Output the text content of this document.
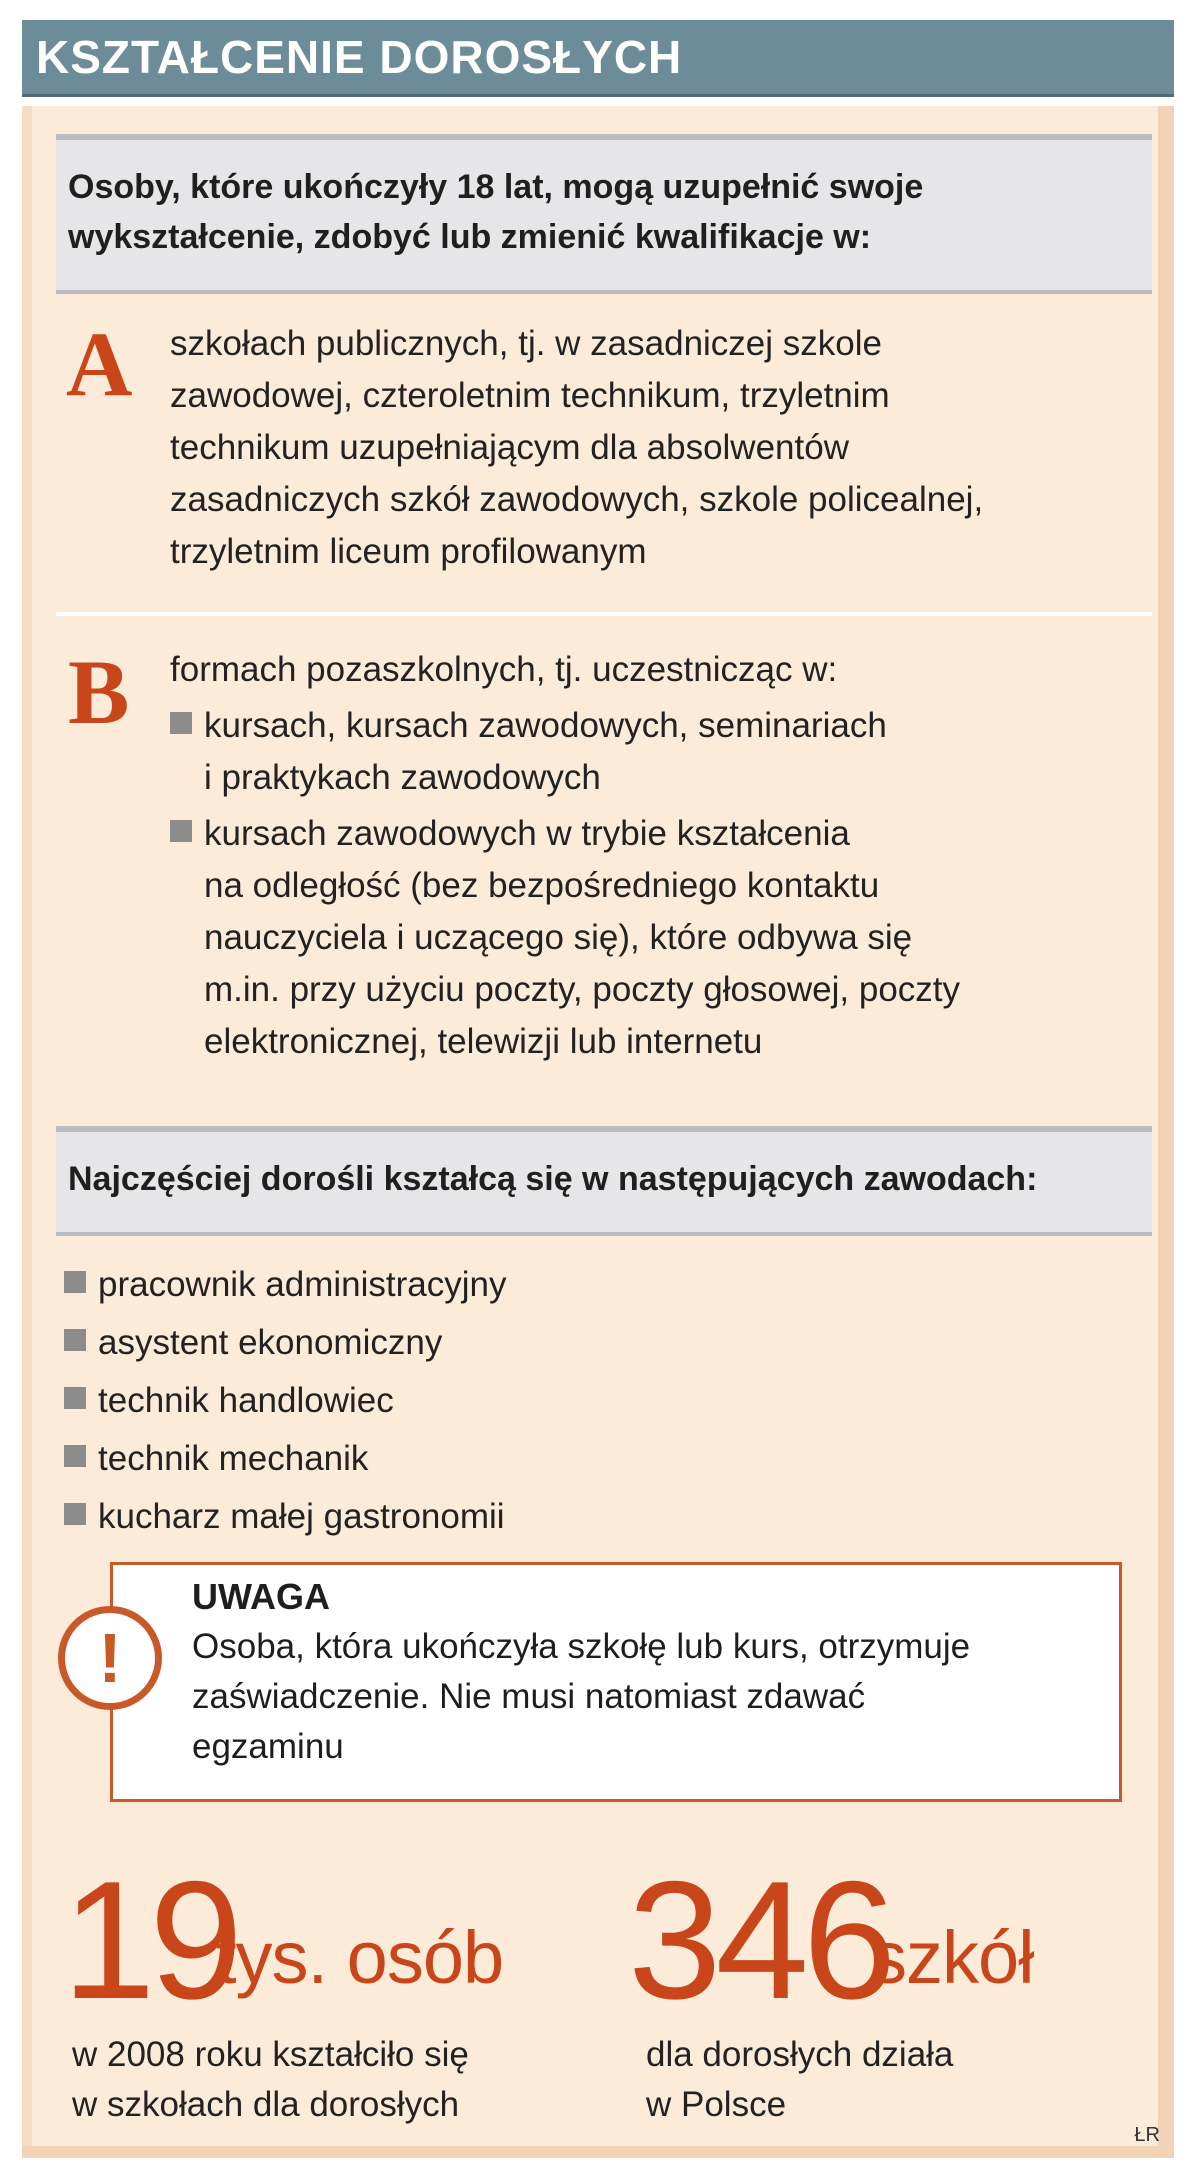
KSZTAŁCENIE DOROSŁYCH
Osoby, które ukończyły 18 lat, mogą uzupełnić swoje
wykształcenie, zdobyć lub zmienić kwalifikacje w:
A szkołach publicznych, tj. w zasadniczej szkole
zawodowej, czteroletnim technikum, trzyletnim
technikum uzupełniającym dla absolwentów
zasadniczych szkół zawodowych, szkole policealnej,
trzyletnim liceum profilowanym
B formach pozaszkolnych, tj. uczestnicząc w:
kursach, kursach zawodowych, seminariach
i praktykach zawodowych
kursach zawodowych w trybie kształcenia
na odległość (bez bezpośredniego kontaktu
nauczyciela i uczącego się), które odbywa się
m.in. przy użyciu poczty, poczty głosowej, poczty
elektronicznej, telewizji lub internetu
Najczęściej dorośli kształcą się w następujących zawodach:
pracownik administracyjny
asystent ekonomiczny
technik handlowiec
technik mechanik
kucharz małej gastronomii
!
UWAGA
Osoba, która ukończyła szkołę lub kurs, otrzymuje
zaświadczenie. Nie musi natomiast zdawać
egzaminu
19
tys. osób
w 2008 roku kształciło się
w szkołach dla dorosłych
346
szkół
dla dorosłych działa
w Polsce
ŁR
